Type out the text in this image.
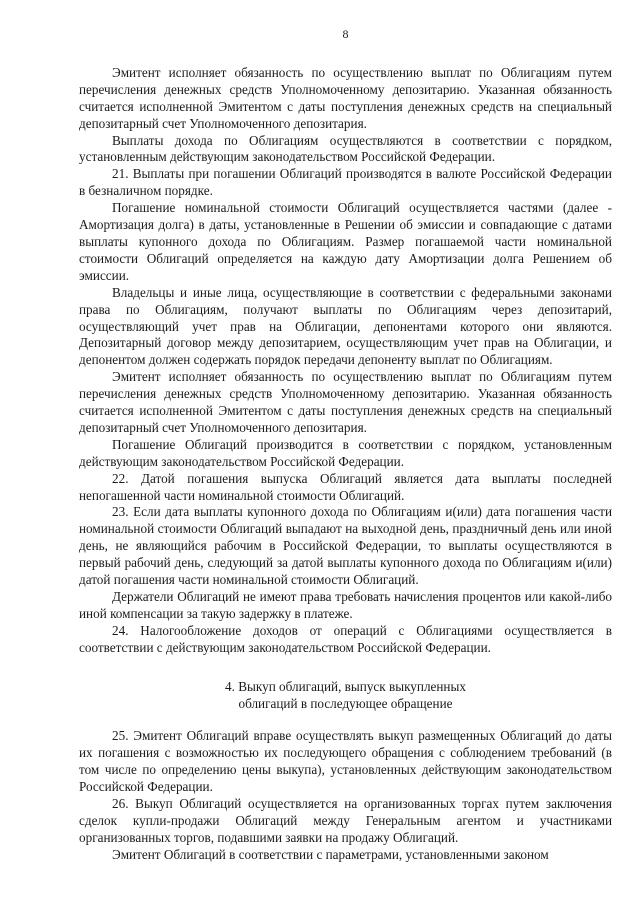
8

Эмитент исполняет обязанность по осуществлению выплат по Облигациям путем перечисления денежных средств Уполномоченному депозитарию. Указанная обязанность считается исполненной Эмитентом с даты поступления денежных средств на специальный депозитарный счет Уполномоченного депозитария.

Выплаты дохода по Облигациям осуществляются в соответствии с порядком, установленным действующим законодательством Российской Федерации.

21. Выплаты при погашении Облигаций производятся в валюте Российской Федерации в безналичном порядке.

Погашение номинальной стоимости Облигаций осуществляется частями (далее - Амортизация долга) в даты, установленные в Решении об эмиссии и совпадающие с датами выплаты купонного дохода по Облигациям. Размер погашаемой части номинальной стоимости Облигаций определяется на каждую дату Амортизации долга Решением об эмиссии.

Владельцы и иные лица, осуществляющие в соответствии с федеральными законами права по Облигациям, получают выплаты по Облигациям через депозитарий, осуществляющий учет прав на Облигации, депонентами которого они являются. Депозитарный договор между депозитарием, осуществляющим учет прав на Облигации, и депонентом должен содержать порядок передачи депоненту выплат по Облигациям.

Эмитент исполняет обязанность по осуществлению выплат по Облигациям путем перечисления денежных средств Уполномоченному депозитарию. Указанная обязанность считается исполненной Эмитентом с даты поступления денежных средств на специальный депозитарный счет Уполномоченного депозитария.

Погашение Облигаций производится в соответствии с порядком, установленным действующим законодательством Российской Федерации.

22. Датой погашения выпуска Облигаций является дата выплаты последней непогашенной части номинальной стоимости Облигаций.

23. Если дата выплаты купонного дохода по Облигациям и(или) дата погашения части номинальной стоимости Облигаций выпадают на выходной день, праздничный день или иной день, не являющийся рабочим в Российской Федерации, то выплаты осуществляются в первый рабочий день, следующий за датой выплаты купонного дохода по Облигациям и(или) датой погашения части номинальной стоимости Облигаций.

Держатели Облигаций не имеют права требовать начисления процентов или какой-либо иной компенсации за такую задержку в платеже.

24. Налогообложение доходов от операций с Облигациями осуществляется в соответствии с действующим законодательством Российской Федерации.

4. Выкуп облигаций, выпуск выкупленных
облигаций в последующее обращение

25. Эмитент Облигаций вправе осуществлять выкуп размещенных Облигаций до даты их погашения с возможностью их последующего обращения с соблюдением требований (в том числе по определению цены выкупа), установленных действующим законодательством Российской Федерации.

26. Выкуп Облигаций осуществляется на организованных торгах путем заключения сделок купли-продажи Облигаций между Генеральным агентом и участниками организованных торгов, подавшими заявки на продажу Облигаций.

Эмитент Облигаций в соответствии с параметрами, установленными законом
